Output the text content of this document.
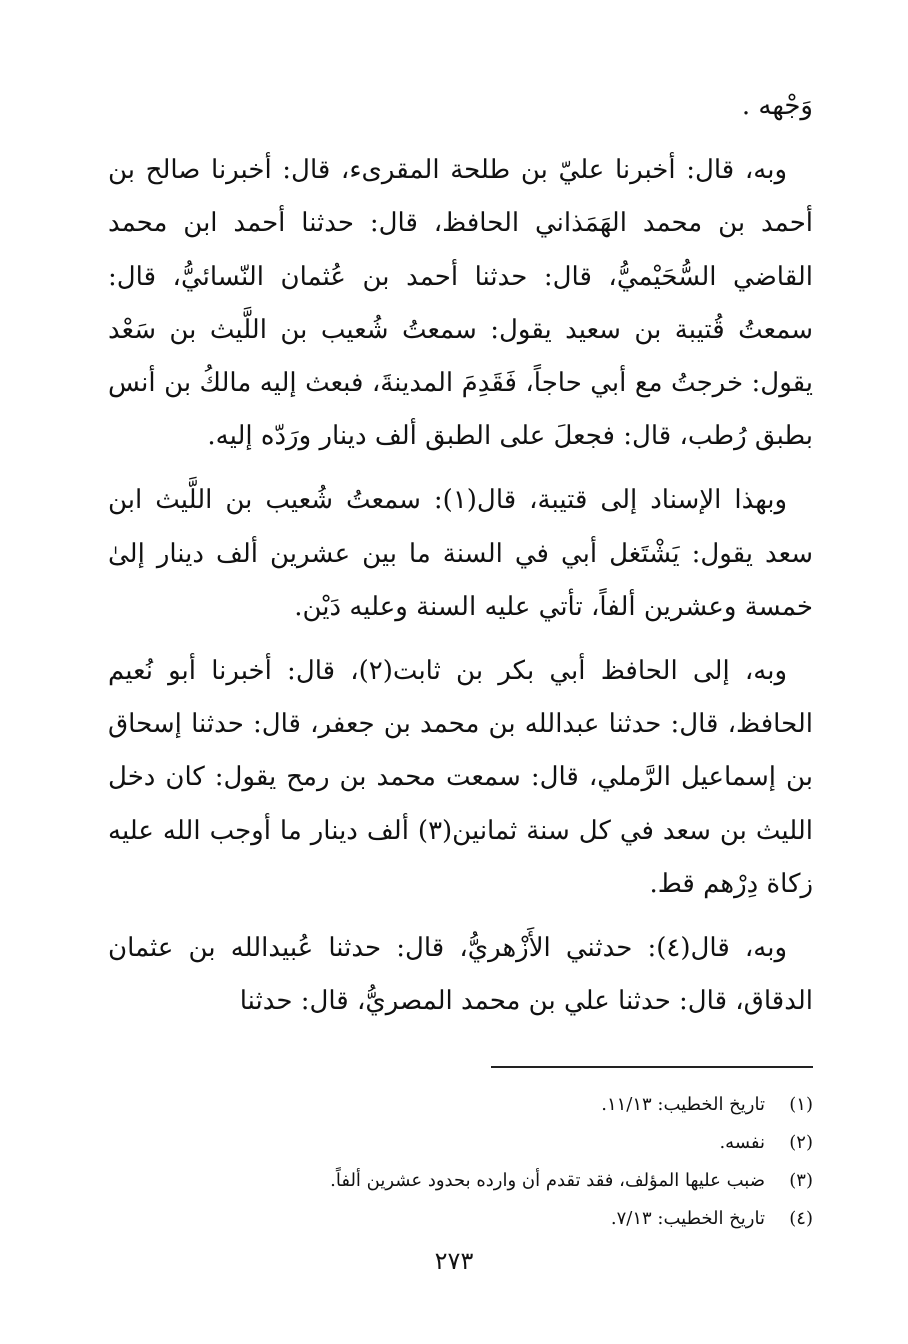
وَجْهه .

وبه، قال: أخبرنا عليّ بن طلحة المقرىء، قال: أخبرنا صالح بن أحمد بن محمد الهَمَذاني الحافظ، قال: حدثنا أحمد ابن محمد القاضي السُّحَيْميُّ، قال: حدثنا أحمد بن عُثمان النّسائيُّ، قال: سمعتُ قُتيبة بن سعيد يقول: سمعتُ شُعيب بن اللَّيث بن سَعْد يقول: خرجتُ مع أبي حاجاً، فَقَدِمَ المدينةَ، فبعث إليه مالكُ بن أنس بطبق رُطب، قال: فجعلَ على الطبق ألف دينار ورَدّه إليه.

وبهذا الإسناد إلى قتيبة، قال(١): سمعتُ شُعيب بن اللَّيث ابن سعد يقول: يَشْتَغل أبي في السنة ما بين عشرين ألف دينار إلىٰ خمسة وعشرين ألفاً، تأتي عليه السنة وعليه دَيْن.

وبه، إلى الحافظ أبي بكر بن ثابت(٢)، قال: أخبرنا أبو نُعيم الحافظ، قال: حدثنا عبدالله بن محمد بن جعفر، قال: حدثنا إسحاق بن إسماعيل الرَّملي، قال: سمعت محمد بن رمح يقول: كان دخل الليث بن سعد في كل سنة ثمانين(٣) ألف دينار ما أوجب الله عليه زكاة دِرْهم قط.

وبه، قال(٤): حدثني الأَزْهريُّ، قال: حدثنا عُبيدالله بن عثمان الدقاق، قال: حدثنا علي بن محمد المصريُّ، قال: حدثنا

(١)
تاريخ الخطيب: ١١/١٣.
(٢)
نفسه.
(٣)
ضبب عليها المؤلف، فقد تقدم أن وارده بحدود عشرين ألفاً.
(٤)
تاريخ الخطيب: ٧/١٣.
٢٧٣
